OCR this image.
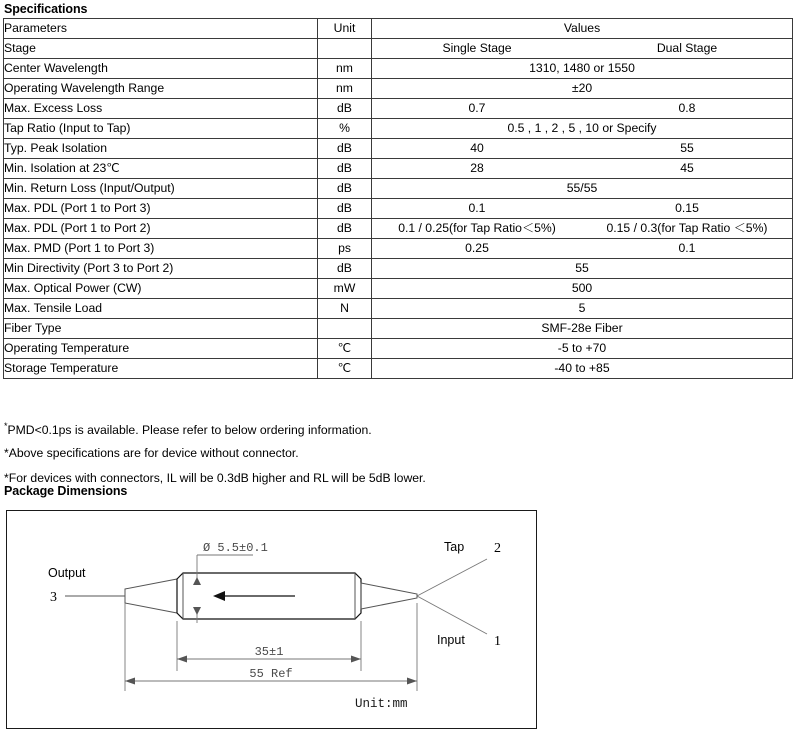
Specifications
Parameters	Unit	Values
Stage		Single Stage Dual Stage

Center Wavelength	nm	1310, 1480 or 1550
Operating Wavelength Range	nm	±20
Max. Excess Loss	dB	0.7 0.8

Tap Ratio (Input to Tap)	%	0.5 , 1 , 2 , 5 , 10 or Specify
Typ. Peak Isolation	dB	40 55

Min. Isolation at 23℃	dB	28 45

Min. Return Loss (Input/Output)	dB	55/55
Max. PDL (Port 1 to Port 3)	dB	0.1 0.15

Max. PDL (Port 1 to Port 2)	dB	0.1 / 0.25(for Tap Ratio＜5%) 0.15 / 0.3(for Tap Ratio ＜5%)

Max. PMD (Port 1 to Port 3)	ps	0.25 0.1

Min Directivity (Port 3 to Port 2)	dB	55
Max. Optical Power (CW)	mW	500
Max. Tensile Load	N	5
Fiber Type		SMF-28e Fiber
Operating Temperature	℃	-5 to +70
Storage Temperature	℃	-40 to +85
*PMD<0.1ps is available. Please refer to below ordering information.
*Above specifications are for device without connector.
*For devices with connectors, IL will be 0.3dB higher and RL will be 5dB lower.
Package Dimensions
Ø 5.5±0.1
35±1
55 Ref
Output
3
Tap 2
Input 1
Unit:mm
